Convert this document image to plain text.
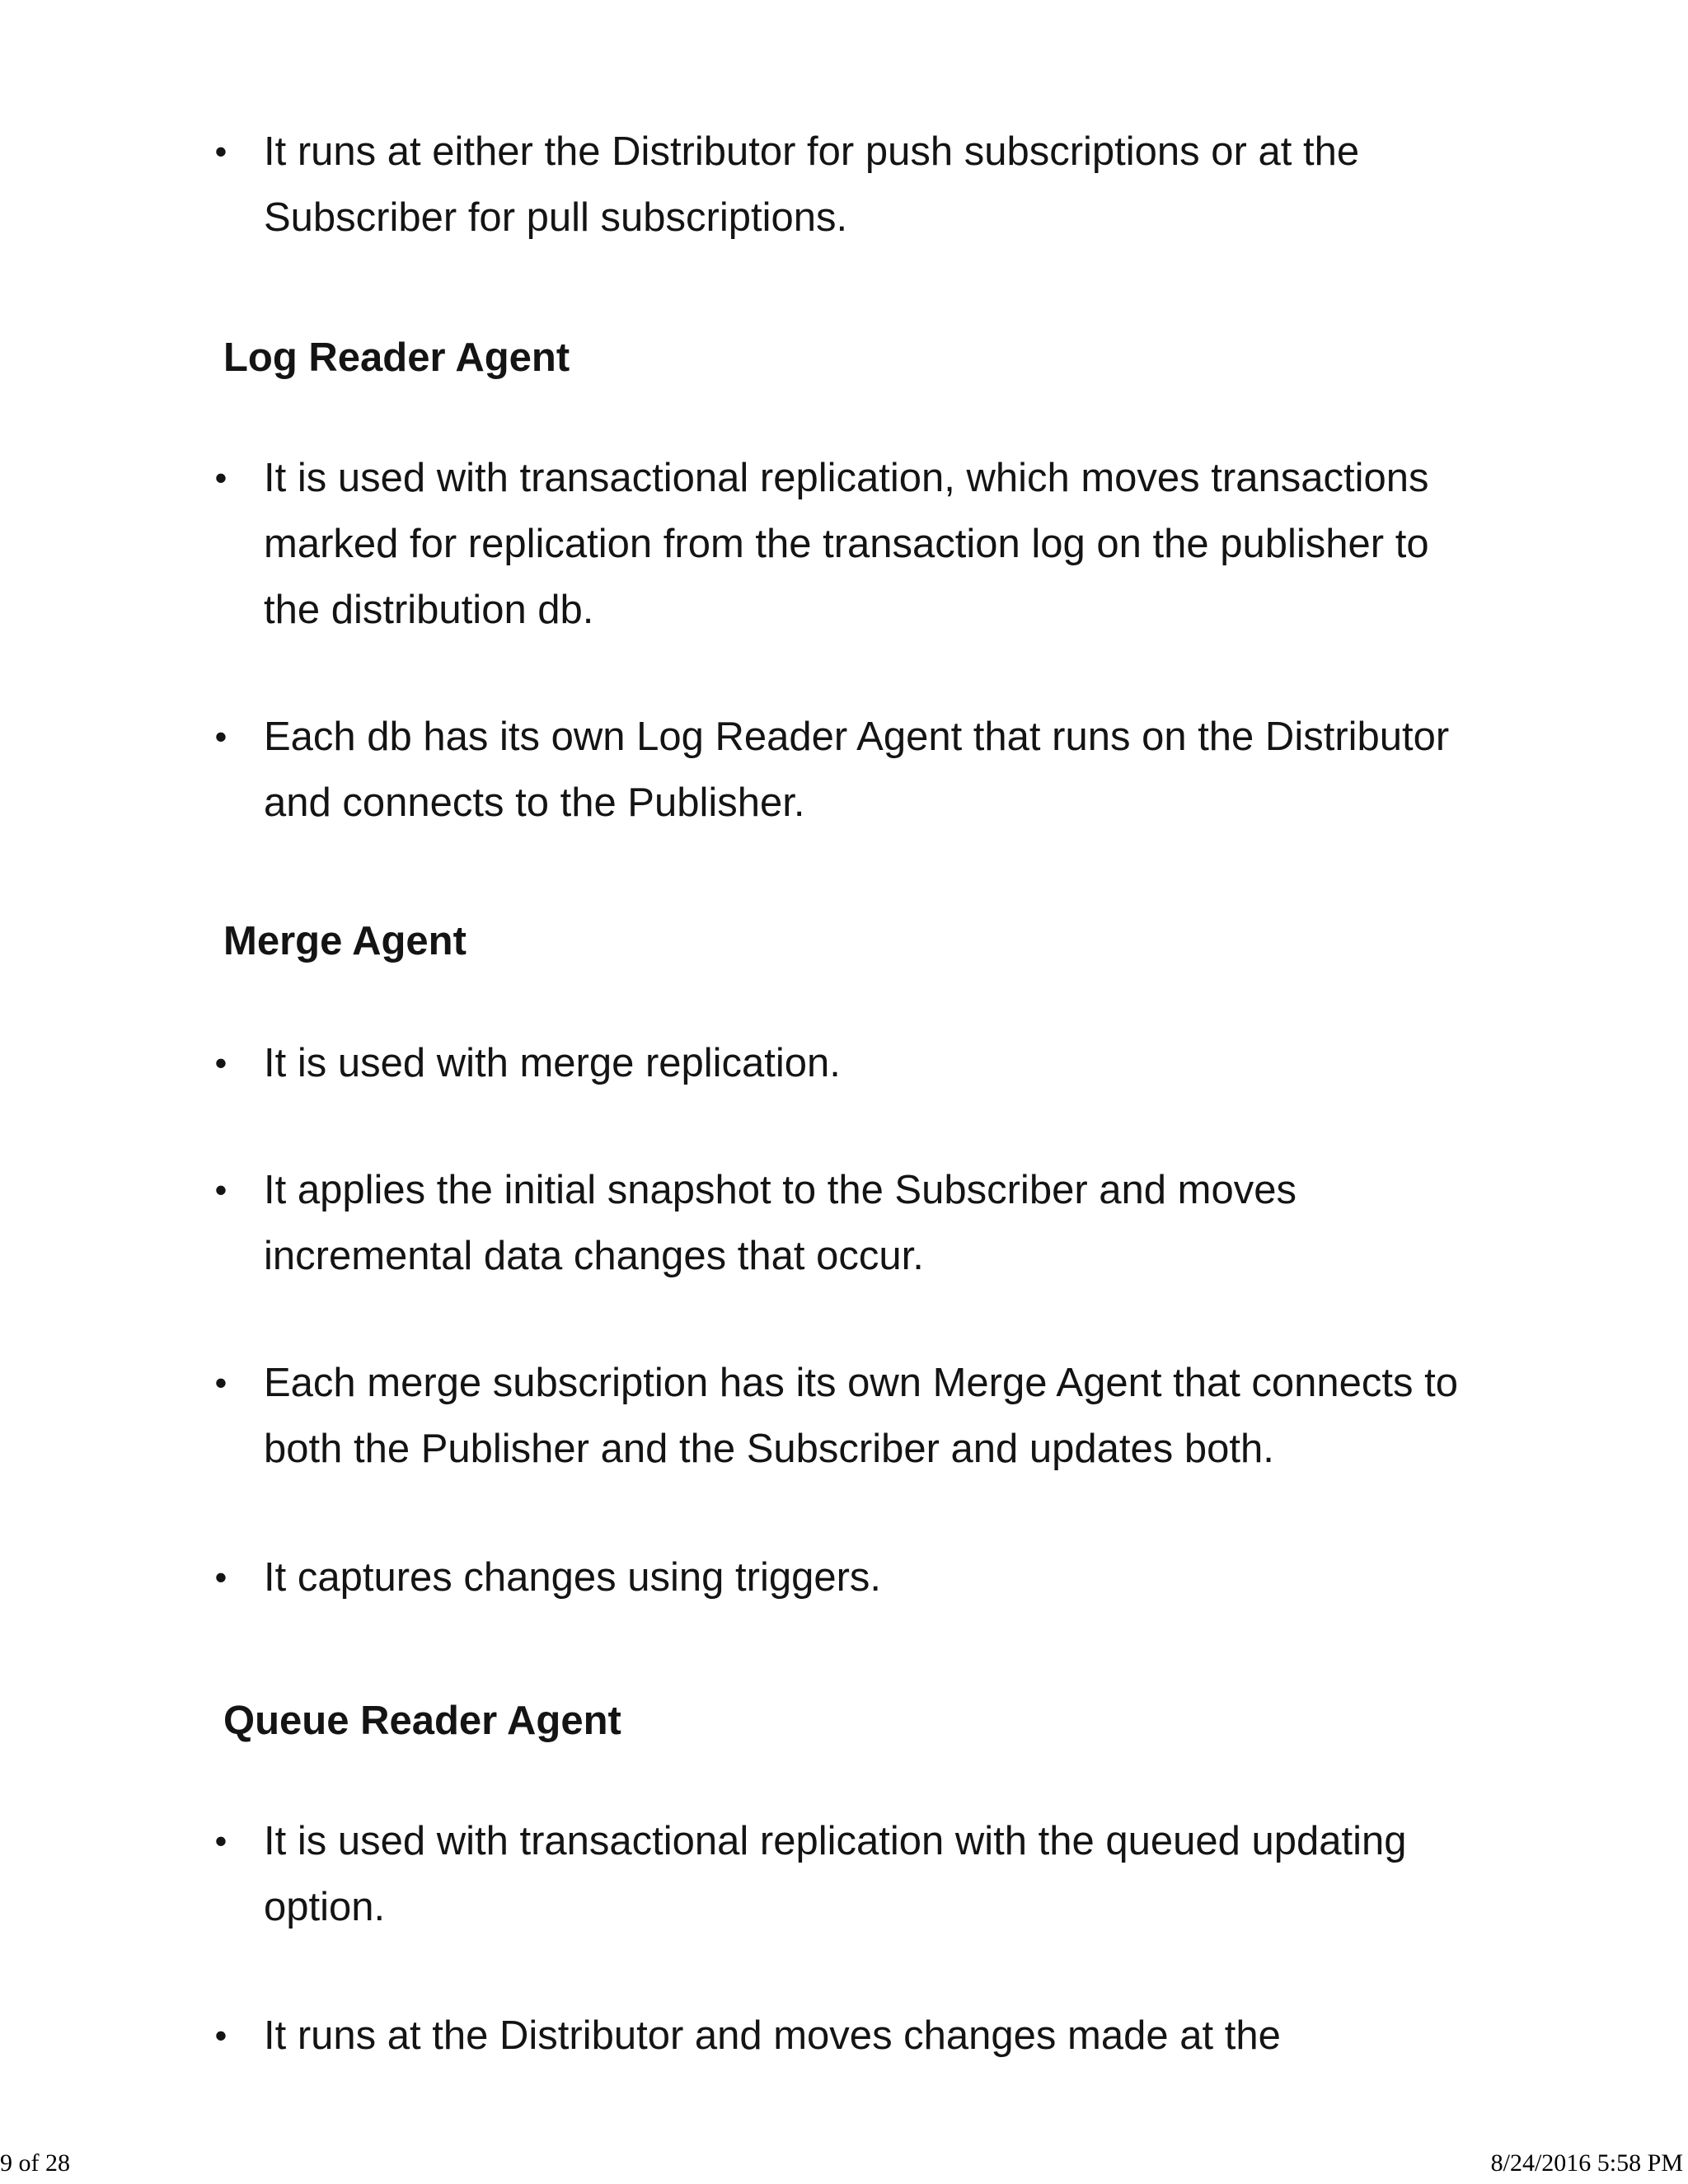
• It runs at either the Distributor for push subscriptions or at the Subscriber for pull subscriptions.

Log Reader Agent

• It is used with transactional replication, which moves transactions marked for replication from the transaction log on the publisher to the distribution db.

• Each db has its own Log Reader Agent that runs on the Distributor and connects to the Publisher.

Merge Agent

• It is used with merge replication.

• It applies the initial snapshot to the Subscriber and moves incremental data changes that occur.

• Each merge subscription has its own Merge Agent that connects to both the Publisher and the Subscriber and updates both.

• It captures changes using triggers.

Queue Reader Agent

• It is used with transactional replication with the queued updating option.

• It runs at the Distributor and moves changes made at the

9 of 28	8/24/2016 5:58 PM
